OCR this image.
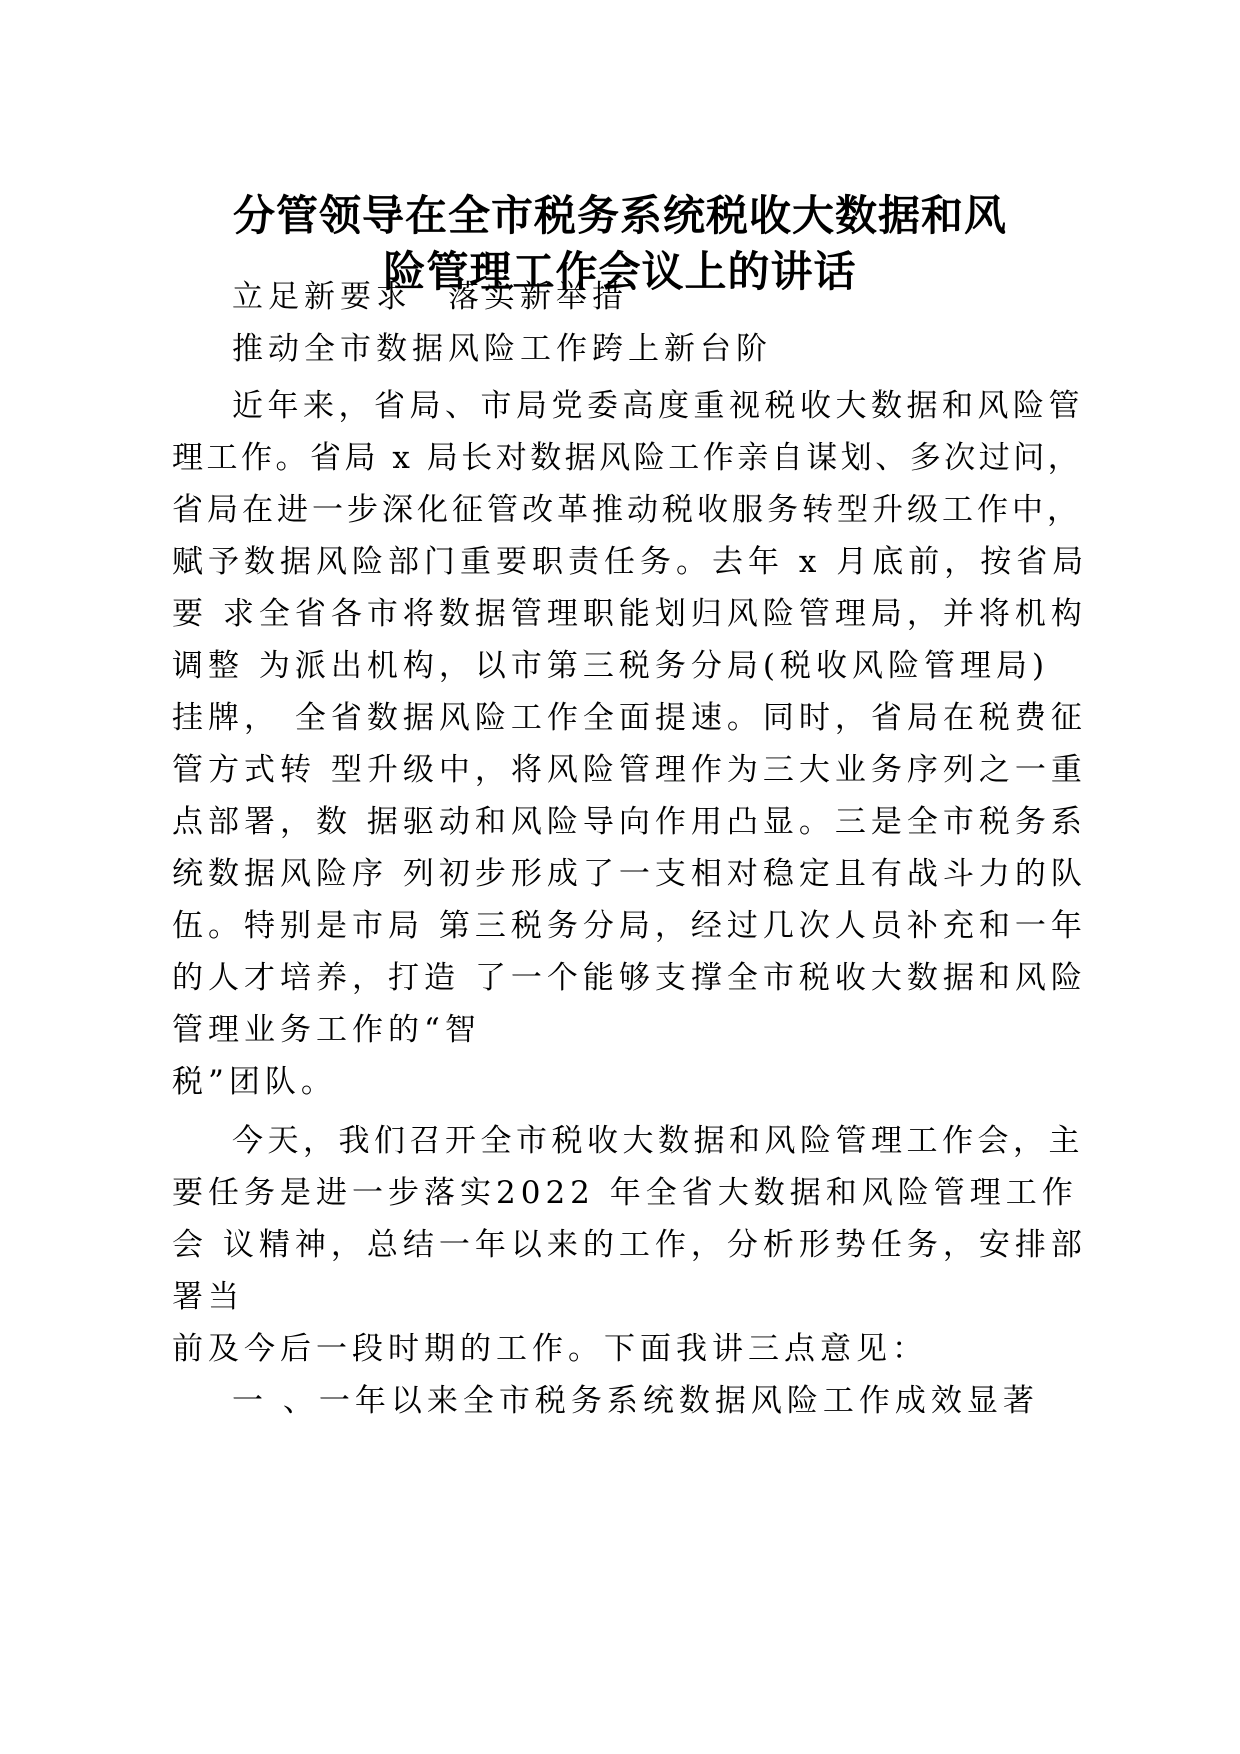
分管领导在全市税务系统税收大数据和风
险管理工作会议上的讲话
立足新要求　落实新举措
推动全市数据风险工作跨上新台阶
近年来，省局、市局党委高度重视税收大数据和风险管
理工作。省局 x 局长对数据风险工作亲自谋划、多次过问，
省局在进一步深化征管改革推动税收服务转型升级工作中，
赋予数据风险部门重要职责任务。去年 x 月底前，按省局
要 求全省各市将数据管理职能划归风险管理局，并将机构
调整 为派出机构，以市第三税务分局(税收风险管理局)
挂牌， 全省数据风险工作全面提速。同时，省局在税费征
管方式转 型升级中，将风险管理作为三大业务序列之一重
点部署，数 据驱动和风险导向作用凸显。三是全市税务系
统数据风险序 列初步形成了一支相对稳定且有战斗力的队
伍。特别是市局 第三税务分局，经过几次人员补充和一年
的人才培养，打造 了一个能够支撑全市税收大数据和风险
管理业务工作的“智
税”团队。
今天，我们召开全市税收大数据和风险管理工作会，主
要任务是进一步落实2022 年全省大数据和风险管理工作
会 议精神，总结一年以来的工作，分析形势任务，安排部
署当
前及今后一段时期的工作。下面我讲三点意见：
一 、一年以来全市税务系统数据风险工作成效显著
